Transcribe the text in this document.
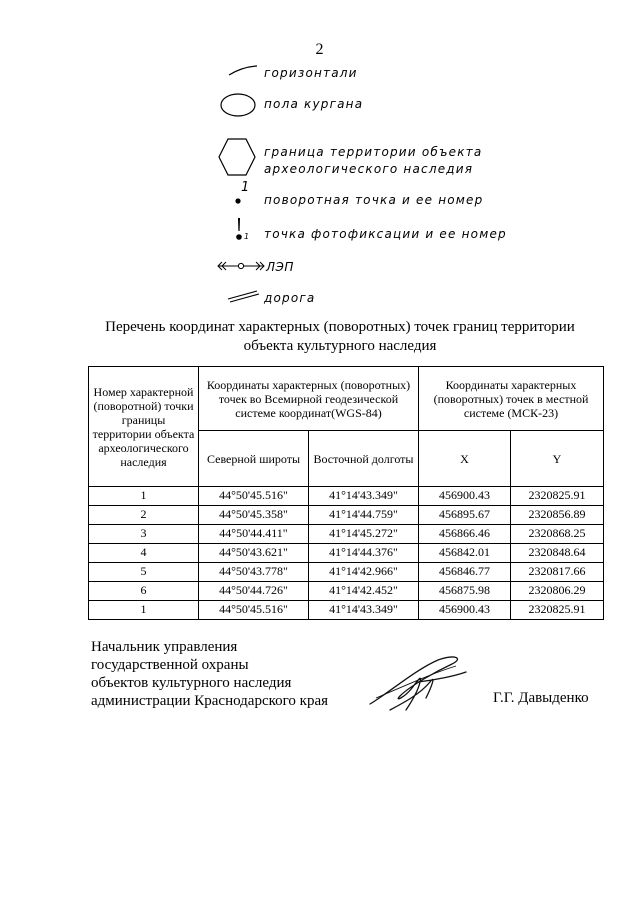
2
горизонтали
пола кургана
граница территории объекта
археологического наследия
1
поворотная точка и ее номер
1 точка фотофиксации и ее номер
ЛЭП
дорога
Перечень координат характерных (поворотных) точек границ территории
объекта культурного наследия
Номер характерной (поворотной) точки границы территории объекта археологического наследия	Координаты характерных (поворотных) точек во Всемирной геодезической системе координат(WGS-84)		Координаты характерных (поворотных) точек в местной системе (МСК-23)	
	Северной широты	Восточной долготы	X	Y
1	44°50'45.516"	41°14'43.349"	456900.43	2320825.91
2	44°50'45.358"	41°14'44.759"	456895.67	2320856.89
3	44°50'44.411"	41°14'45.272"	456866.46	2320868.25
4	44°50'43.621"	41°14'44.376"	456842.01	2320848.64
5	44°50'43.778"	41°14'42.966"	456846.77	2320817.66
6	44°50'44.726"	41°14'42.452"	456875.98	2320806.29
1	44°50'45.516"	41°14'43.349"	456900.43	2320825.91
Начальник управления
государственной охраны
объектов культурного наследия
администрации Краснодарского края	Г.Г. Давыденко
